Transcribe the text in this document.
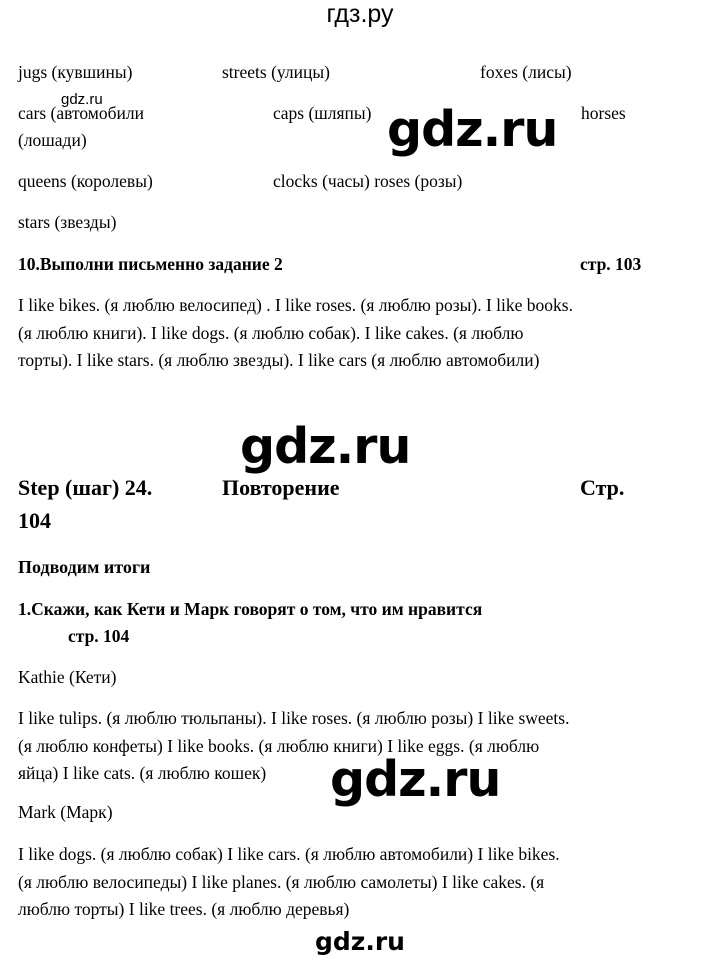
гдз.ру
jugs (кувшины)	streets (улицы)	foxes (лисы)
gdz.ru
cars (автомобили	caps (шляпы)	horses
(лошади)	gdz.ru
queens (королевы)	clocks (часы) roses (розы)
stars (звезды)
10.Выполни письменно задание 2	стр. 103
I like bikes. (я люблю велосипед) . I like roses. (я люблю розы). I like books.
(я люблю книги). I like dogs. (я люблю собак). I like cakes. (я люблю
торты). I like stars. (я люблю звезды). I like cars (я люблю автомобили)
gdz.ru
Step (шаг) 24.	Повторение	Стр.
104
Подводим итоги
1.Скажи, как Кети и Марк говорят о том, что им нравится
стр. 104
Kathie (Кети)
I like tulips. (я люблю тюльпаны). I like roses. (я люблю розы) I like sweets.
(я люблю конфеты) I like books. (я люблю книги) I like eggs. (я люблю
яйца) I like cats. (я люблю кошек)	gdz.ru
Mark (Марк)
I like dogs. (я люблю собак) I like cars. (я люблю автомобили) I like bikes.
(я люблю велосипеды) I like planes. (я люблю самолеты) I like cakes. (я
люблю торты) I like trees. (я люблю деревья)
gdz.ru
